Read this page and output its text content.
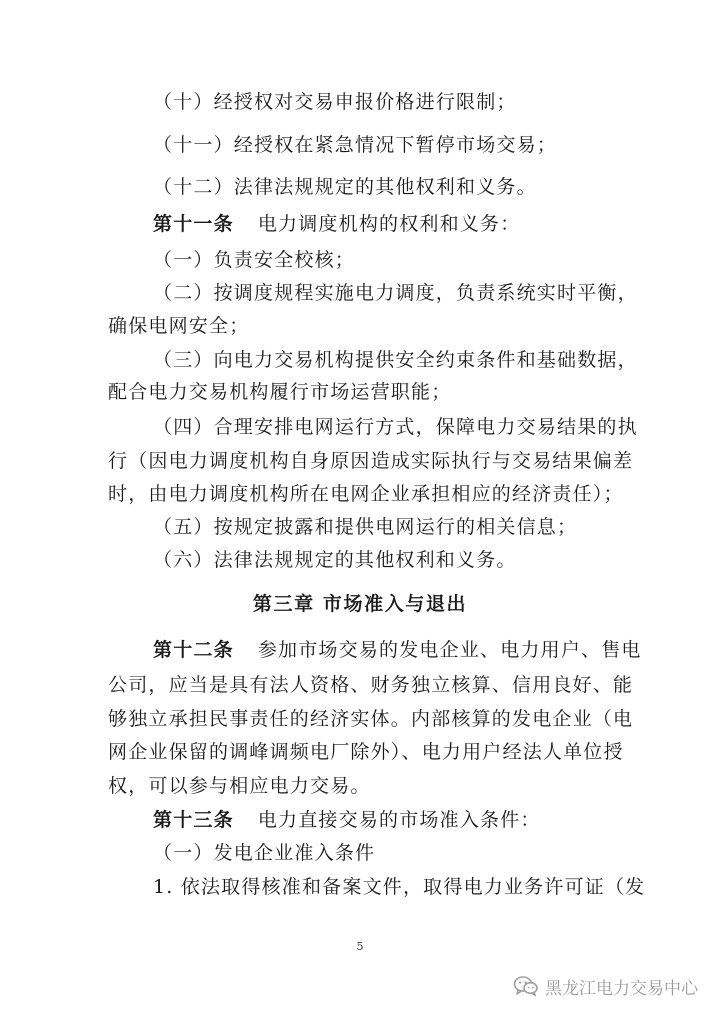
（十）经授权对交易申报价格进行限制；
（十一）经授权在紧急情况下暂停市场交易；
（十二）法律法规规定的其他权利和义务。
第十一条 电力调度机构的权利和义务：
（一）负责安全校核；
（二）按调度规程实施电力调度，负责系统实时平衡，
确保电网安全；
（三）向电力交易机构提供安全约束条件和基础数据，
配合电力交易机构履行市场运营职能；
（四）合理安排电网运行方式，保障电力交易结果的执
行（因电力调度机构自身原因造成实际执行与交易结果偏差
时，由电力调度机构所在电网企业承担相应的经济责任）；
（五）按规定披露和提供电网运行的相关信息；
（六）法律法规规定的其他权利和义务。
第三章 市场准入与退出
第十二条 参加市场交易的发电企业、电力用户、售电
公司，应当是具有法人资格、财务独立核算、信用良好、能
够独立承担民事责任的经济实体。内部核算的发电企业（电
网企业保留的调峰调频电厂除外）、电力用户经法人单位授
权，可以参与相应电力交易。
第十三条 电力直接交易的市场准入条件：
（一）发电企业准入条件
1. 依法取得核准和备案文件，取得电力业务许可证（发
5
黑龙江电力交易中心
